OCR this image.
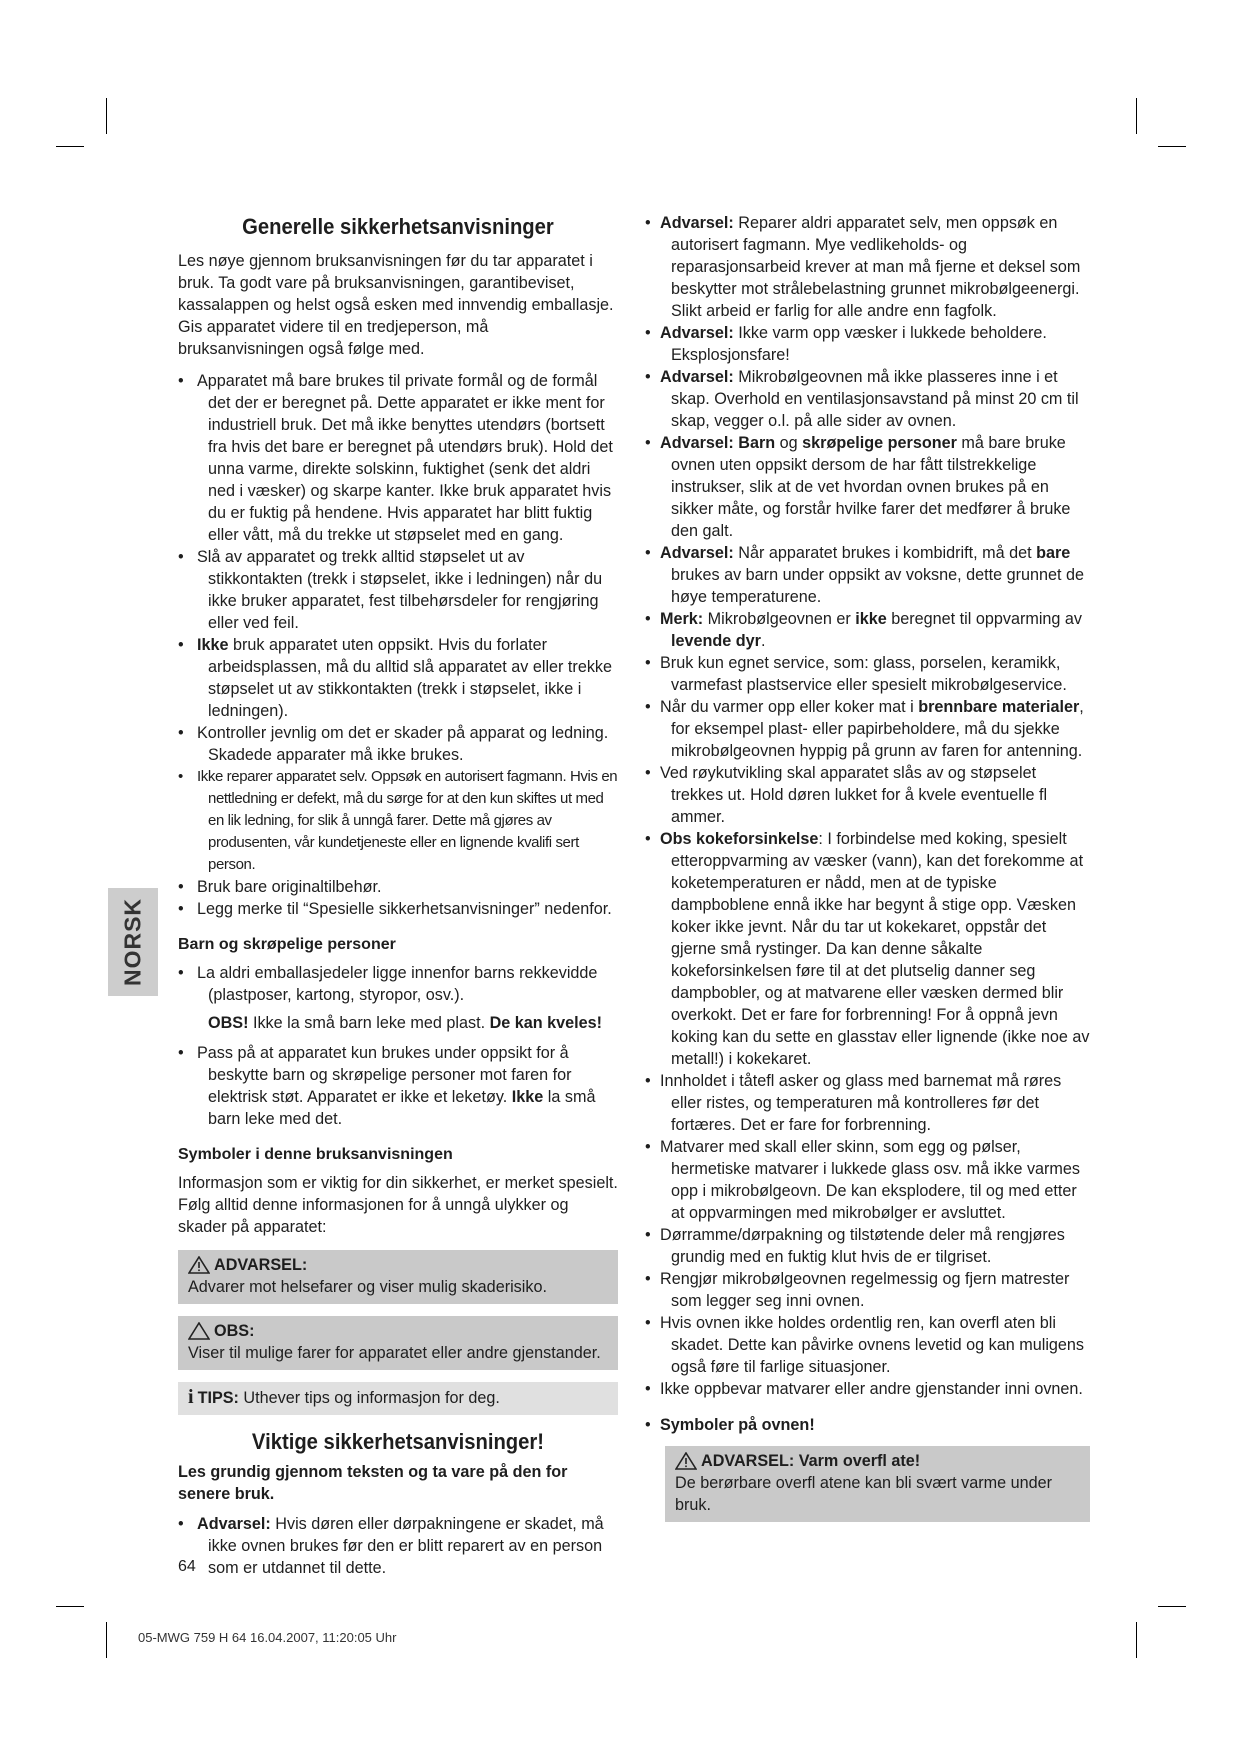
NORSK
Generelle sikkerhetsanvisninger

Les nøye gjennom bruksanvisningen før du tar apparatet i bruk. Ta godt vare på bruksanvisningen, garantibeviset, kassalappen og helst også esken med innvendig emballasje. Gis apparatet videre til en tredjeperson, må bruksanvisningen også følge med.

• Apparatet må bare brukes til private formål og de formål det der er beregnet på. Dette apparatet er ikke ment for industriell bruk. Det må ikke benyttes utendørs (bortsett fra hvis det bare er beregnet på utendørs bruk). Hold det unna varme, direkte solskinn, fuktighet (senk det aldri ned i væsker) og skarpe kanter. Ikke bruk apparatet hvis du er fuktig på hendene. Hvis apparatet har blitt fuktig eller vått, må du trekke ut støpselet med en gang.
• Slå av apparatet og trekk alltid støpselet ut av stikkontakten (trekk i støpselet, ikke i ledningen) når du ikke bruker apparatet, fest tilbehørsdeler for rengjøring eller ved feil.
• Ikke bruk apparatet uten oppsikt. Hvis du forlater arbeidsplassen, må du alltid slå apparatet av eller trekke støpselet ut av stikkontakten (trekk i støpselet, ikke i ledningen).
• Kontroller jevnlig om det er skader på apparat og ledning. Skadede apparater må ikke brukes.
• Ikke reparer apparatet selv. Oppsøk en autorisert fagmann. Hvis en nettledning er defekt, må du sørge for at den kun skiftes ut med en lik ledning, for slik å unngå farer. Dette må gjøres av produsenten, vår kundetjeneste eller en lignende kvalifi sert person.
• Bruk bare originaltilbehør.
• Legg merke til “Spesielle sikkerhetsanvisninger” nedenfor.
Barn og skrøpelige personer
• La aldri emballasjedeler ligge innenfor barns rekkevidde (plastposer, kartong, styropor, osv.).

OBS! Ikke la små barn leke med plast. De kan kveles!

• Pass på at apparatet kun brukes under oppsikt for å beskytte barn og skrøpelige personer mot faren for elektrisk støt. Apparatet er ikke et leketøy. Ikke la små barn leke med det.
Symboler i denne bruksanvisningen

Informasjon som er viktig for din sikkerhet, er merket spesielt. Følg alltid denne informasjonen for å unngå ulykker og skader på apparatet:

ADVARSEL:
Advarer mot helsefarer og viser mulig skaderisiko.
OBS:
Viser til mulige farer for apparatet eller andre gjenstander.
i TIPS: Uthever tips og informasjon for deg.
Viktige sikkerhetsanvisninger!

Les grundig gjennom teksten og ta vare på den for senere bruk.

• Advarsel: Hvis døren eller dørpakningene er skadet, må ikke ovnen brukes før den er blitt reparert av en person som er utdannet til dette.
• Advarsel: Reparer aldri apparatet selv, men oppsøk en autorisert fagmann. Mye vedlikeholds- og reparasjonsarbeid krever at man må fjerne et deksel som beskytter mot strålebelastning grunnet mikrobølgeenergi. Slikt arbeid er farlig for alle andre enn fagfolk.
• Advarsel: Ikke varm opp væsker i lukkede beholdere. Eksplosjonsfare!
• Advarsel: Mikrobølgeovnen må ikke plasseres inne i et skap. Overhold en ventilasjonsavstand på minst 20 cm til skap, vegger o.l. på alle sider av ovnen.
• Advarsel: Barn og skrøpelige personer må bare bruke ovnen uten oppsikt dersom de har fått tilstrekkelige instrukser, slik at de vet hvordan ovnen brukes på en sikker måte, og forstår hvilke farer det medfører å bruke den galt.
• Advarsel: Når apparatet brukes i kombidrift, må det bare brukes av barn under oppsikt av voksne, dette grunnet de høye temperaturene.
• Merk: Mikrobølgeovnen er ikke beregnet til oppvarming av levende dyr.
• Bruk kun egnet service, som: glass, porselen, keramikk, varmefast plastservice eller spesielt mikrobølgeservice.
• Når du varmer opp eller koker mat i brennbare materialer, for eksempel plast- eller papirbeholdere, må du sjekke mikrobølgeovnen hyppig på grunn av faren for antenning.
• Ved røykutvikling skal apparatet slås av og støpselet trekkes ut. Hold døren lukket for å kvele eventuelle fl ammer.
• Obs kokeforsinkelse: I forbindelse med koking, spesielt etteroppvarming av væsker (vann), kan det forekomme at koketemperaturen er nådd, men at de typiske dampboblene ennå ikke har begynt å stige opp. Væsken koker ikke jevnt. Når du tar ut kokekaret, oppstår det gjerne små rystinger. Da kan denne såkalte kokeforsinkelsen føre til at det plutselig danner seg dampbobler, og at matvarene eller væsken dermed blir overkokt. Det er fare for forbrenning! For å oppnå jevn koking kan du sette en glasstav eller lignende (ikke noe av metall!) i kokekaret.
• Innholdet i tåtefl asker og glass med barnemat må røres eller ristes, og temperaturen må kontrolleres før det fortæres. Det er fare for forbrenning.
• Matvarer med skall eller skinn, som egg og pølser, hermetiske matvarer i lukkede glass osv. må ikke varmes opp i mikrobølgeovn. De kan eksplodere, til og med etter at oppvarmingen med mikrobølger er avsluttet.
• Dørramme/dørpakning og tilstøtende deler må rengjøres grundig med en fuktig klut hvis de er tilgriset.
• Rengjør mikrobølgeovnen regelmessig og fjern matrester som legger seg inni ovnen.
• Hvis ovnen ikke holdes ordentlig ren, kan overfl aten bli skadet. Dette kan påvirke ovnens levetid og kan muligens også føre til farlige situasjoner.
• Ikke oppbevar matvarer eller andre gjenstander inni ovnen.
• Symboler på ovnen!
ADVARSEL: Varm overfl ate!
De berørbare overfl atene kan bli svært varme under bruk.
64
05-MWG 759 H 64 16.04.2007, 11:20:05 Uhr
